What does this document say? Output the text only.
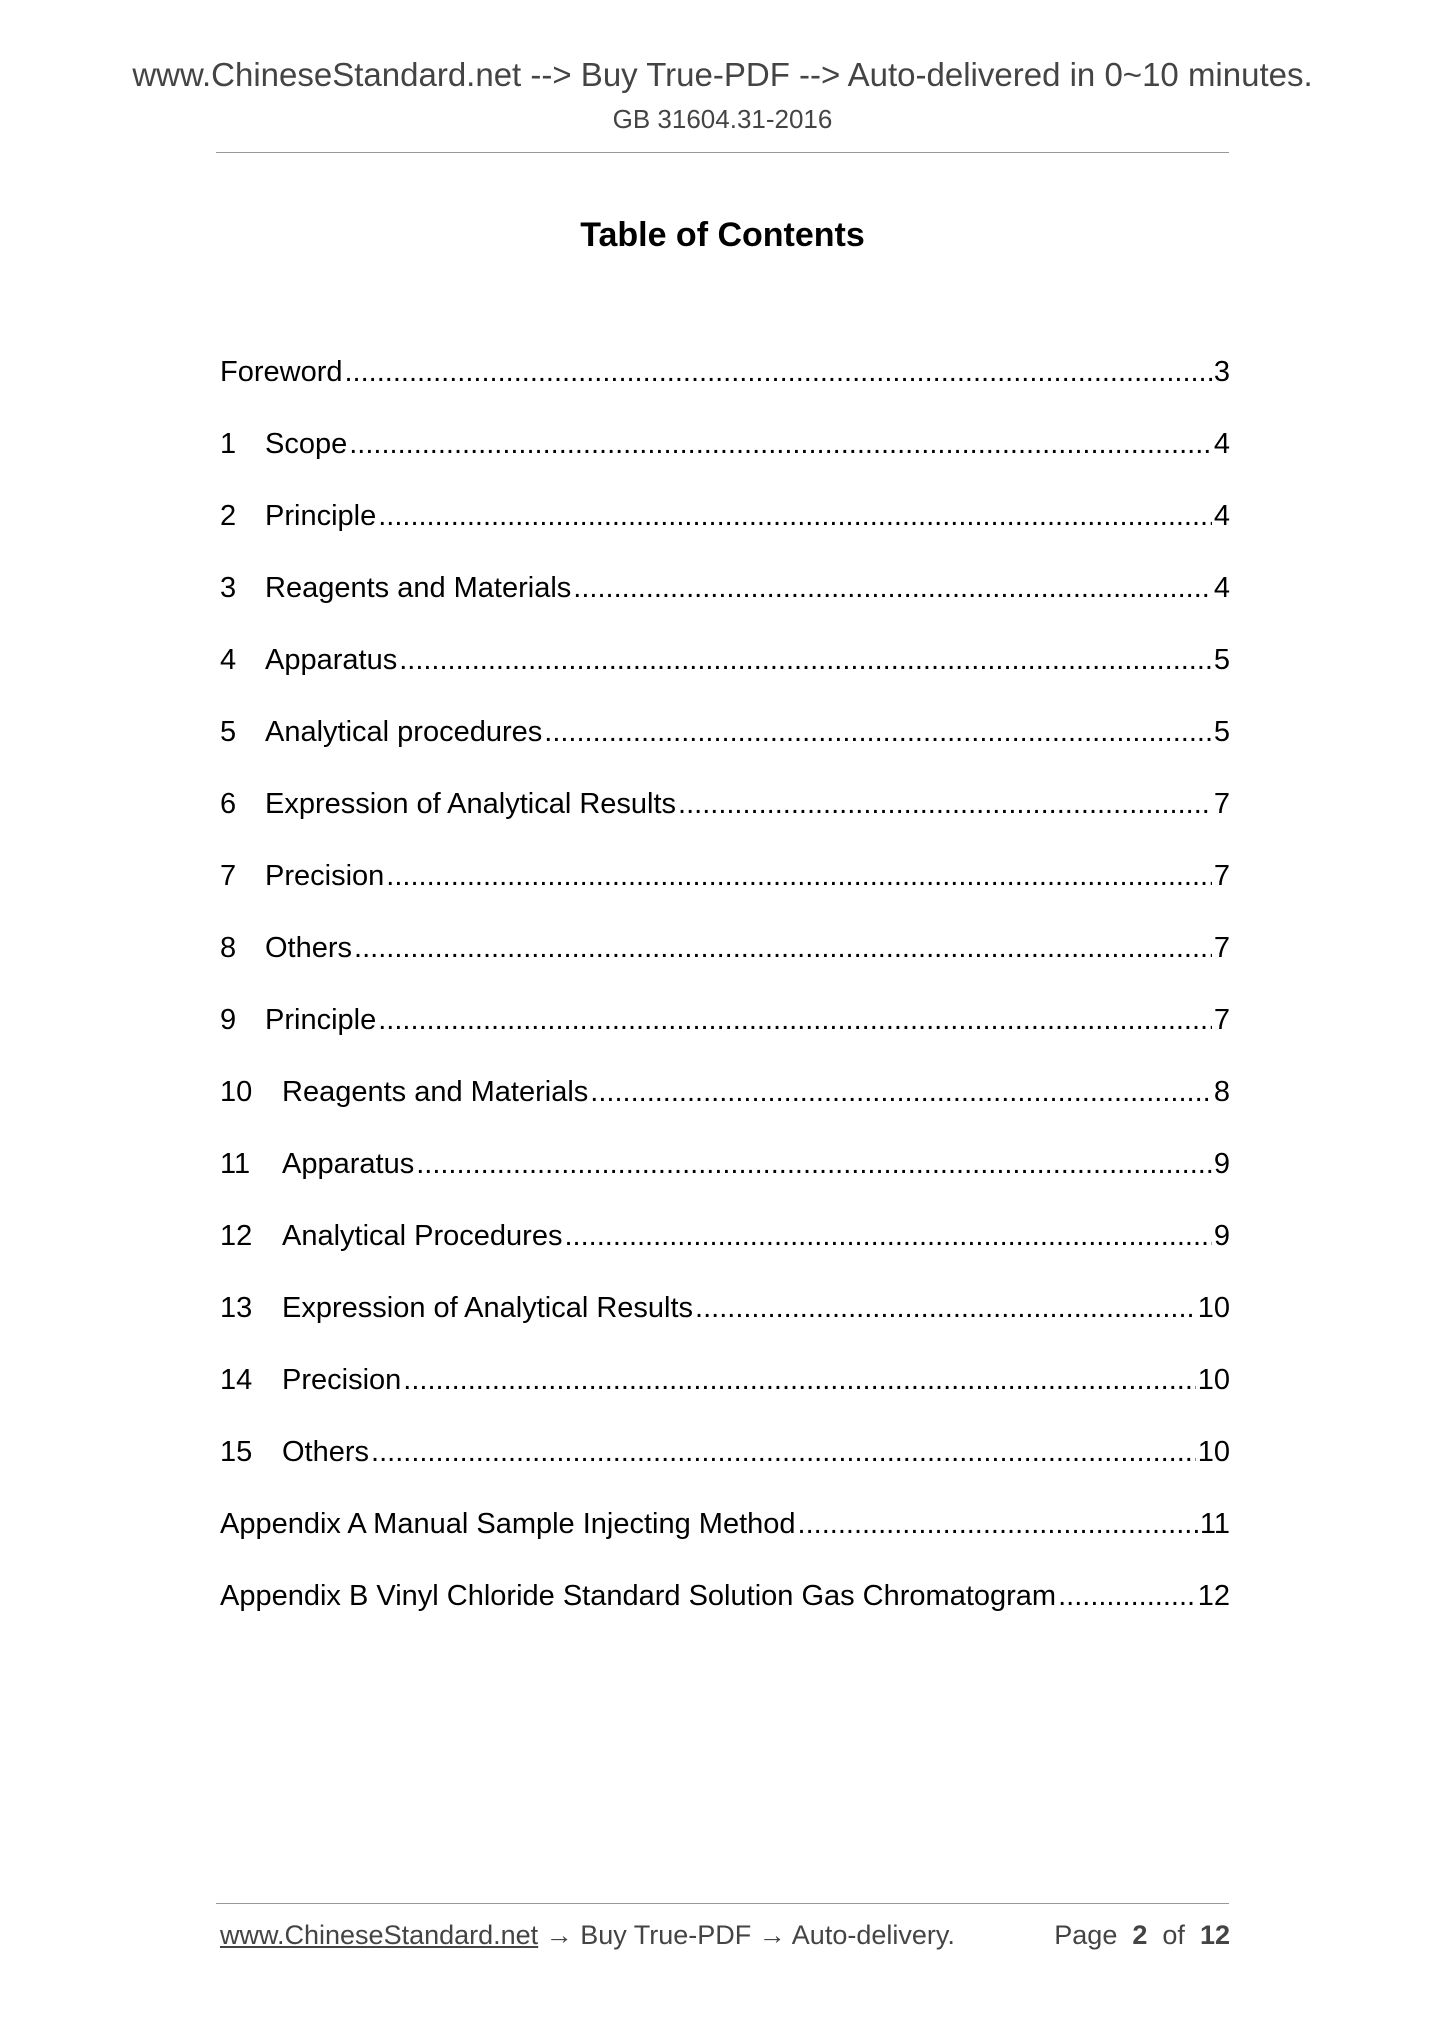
www.ChineseStandard.net --> Buy True-PDF --> Auto-delivered in 0~10 minutes.
GB 31604.31-2016
Table of Contents
Foreword .....	3
1 Scope .....	4
2 Principle .....	4
3 Reagents and Materials .....	4
4 Apparatus .....	5
5 Analytical procedures .....	5
6 Expression of Analytical Results .....	7
7 Precision .....	7
8 Others .....	7
9 Principle .....	7
10	Reagents and Materials .....	8
11	Apparatus .....	9
12	Analytical Procedures .....	9
13	Expression of Analytical Results .....	10
14	Precision .....	10
15	Others .....	10
Appendix A Manual Sample Injecting Method .....	11
Appendix B Vinyl Chloride Standard Solution Gas Chromatogram .....	12
www.ChineseStandard.net → Buy True-PDF → Auto-delivery.	Page 2 of 12
